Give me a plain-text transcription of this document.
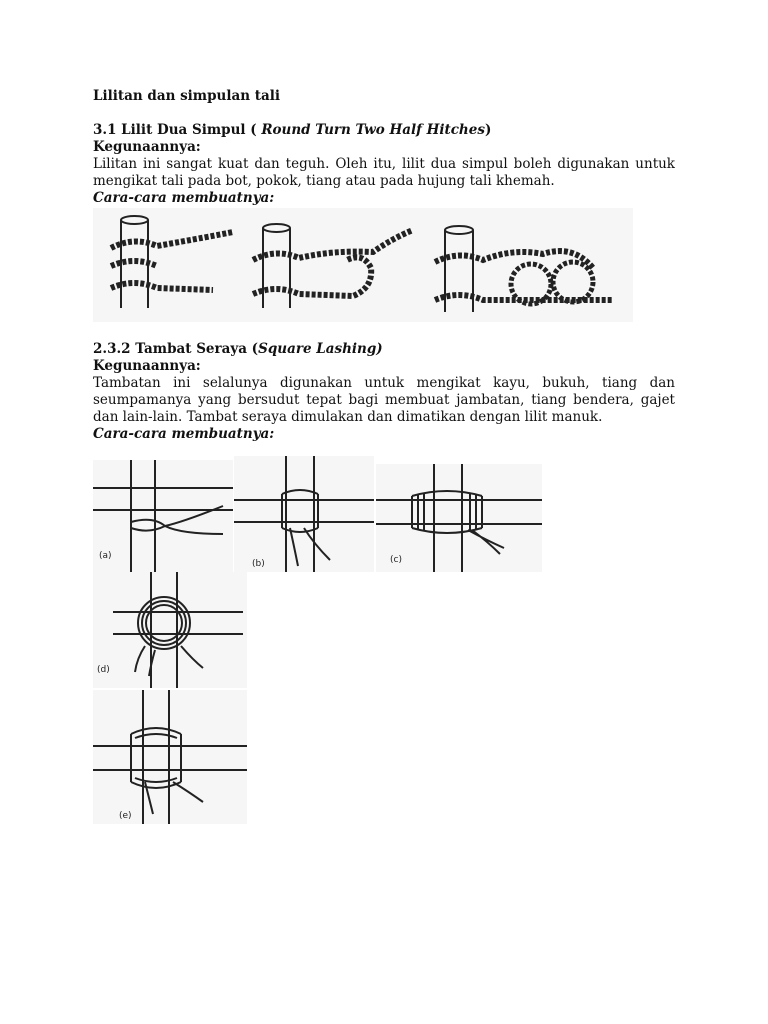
Lilitan dan simpulan tali
3.1 Lilit Dua Simpul ( Round Turn Two Half Hitches)
Kegunaannya:
Lilitan ini sangat kuat dan teguh. Oleh itu, lilit dua simpul boleh digunakan untuk mengikat tali pada bot, pokok, tiang atau pada hujung tali khemah.
Cara-cara membuatnya:
2.3.2 Tambat Seraya (Square Lashing)
Kegunaannya:
Tambatan ini selalunya digunakan untuk mengikat kayu, bukuh, tiang dan seumpamanya yang bersudut tepat bagi membuat jambatan, tiang bendera, gajet dan lain-lain. Tambat seraya dimulakan dan dimatikan dengan lilit manuk.
Cara-cara membuatnya:
(a)
(b)	(c)
(d)
(e)
